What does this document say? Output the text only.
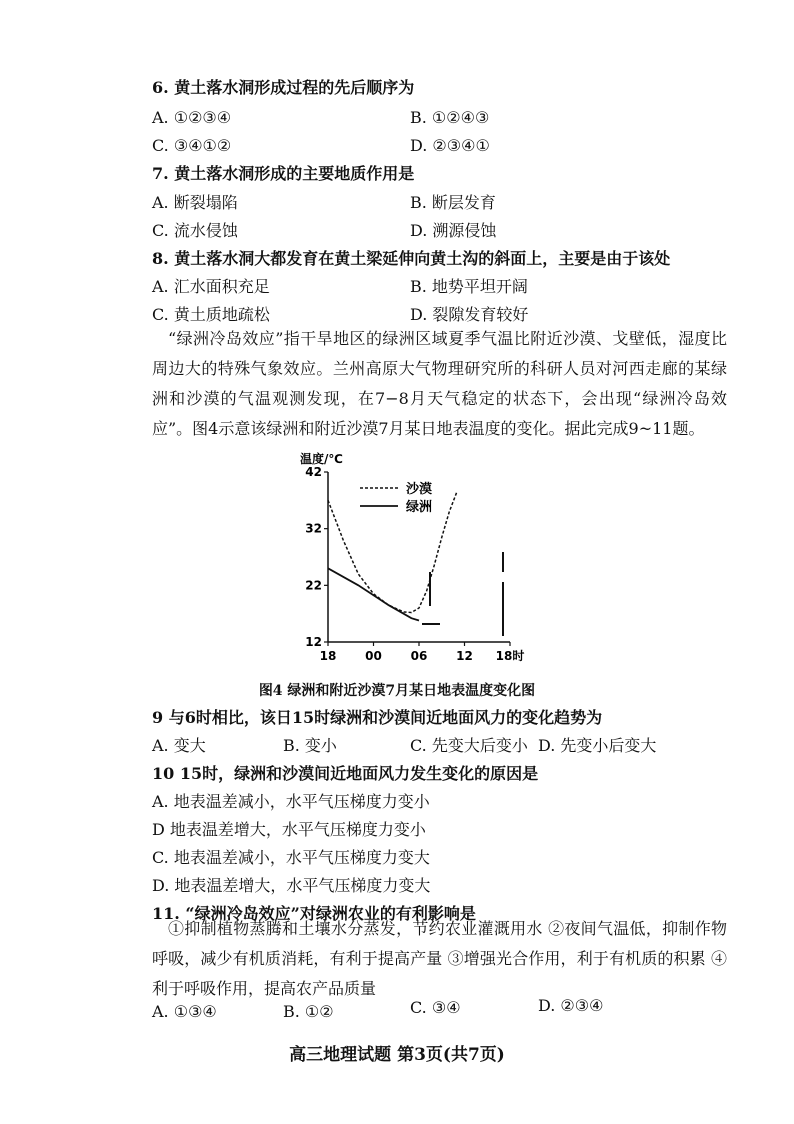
6. 黄土落水洞形成过程的先后顺序为
A. ①②③④	B. ①②④③
C. ③④①②	D. ②③④①
7. 黄土落水洞形成的主要地质作用是
A. 断裂塌陷	B. 断层发育
C. 流水侵蚀	D. 溯源侵蚀
8. 黄土落水洞大都发育在黄土梁延伸向黄土沟的斜面上，主要是由于该处
A. 汇水面积充足	B. 地势平坦开阔
C. 黄土质地疏松	D. 裂隙发育较好

“绿洲冷岛效应”指干旱地区的绿洲区域夏季气温比附近沙漠、戈壁低，湿度比周边大的特殊气象效应。兰州高原大气物理研究所的科研人员对河西走廊的某绿洲和沙漠的气温观测发现，在7−8月天气稳定的状态下，会出现“绿洲冷岛效应”。图4示意该绿洲和附近沙漠7月某日地表温度的变化。据此完成9~11题。

温度/℃
12
22
32
42
18 00 06 12 18时
沙漠
绿洲
图4 绿洲和附近沙漠7月某日地表温度变化图
9 与6时相比，该日15时绿洲和沙漠间近地面风力的变化趋势为
A. 变大	B. 变小	C. 先变大后变小 D. 先变小后变大
10 15时，绿洲和沙漠间近地面风力发生变化的原因是
A. 地表温差减小，水平气压梯度力变小
D 地表温差增大，水平气压梯度力变小
C. 地表温差减小，水平气压梯度力变大
D. 地表温差增大，水平气压梯度力变大
11. “绿洲冷岛效应”对绿洲农业的有利影响是

①抑制植物蒸腾和土壤水分蒸发，节约农业灌溉用水 ②夜间气温低，抑制作物呼吸，减少有机质消耗，有利于提高产量 ③增强光合作用，利于有机质的积累 ④利于呼吸作用，提高农产品质量

A. ①③④	B. ①②	C. ③④	D. ②③④
高三地理试题 第3页(共7页)
